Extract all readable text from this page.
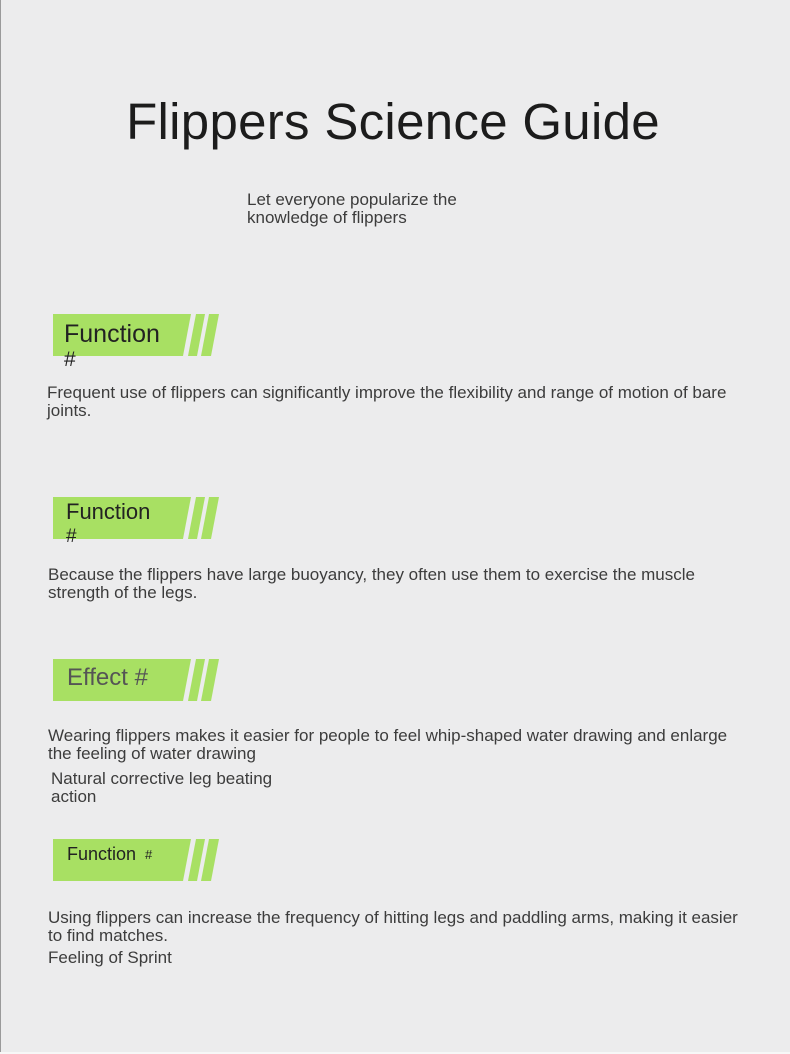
Flippers Science Guide
Let everyone popularize the knowledge of flippers
Function
#
Frequent use of flippers can significantly improve the flexibility and range of motion of bare joints.
Function
#
Because the flippers have large buoyancy, they often use them to exercise the muscle strength of the legs.
Effect #
Wearing flippers makes it easier for people to feel whip-shaped water drawing and enlarge the feeling of water drawing
Natural corrective leg beating action
Function #
Using flippers can increase the frequency of hitting legs and paddling arms, making it easier to find matches.
Feeling of Sprint
